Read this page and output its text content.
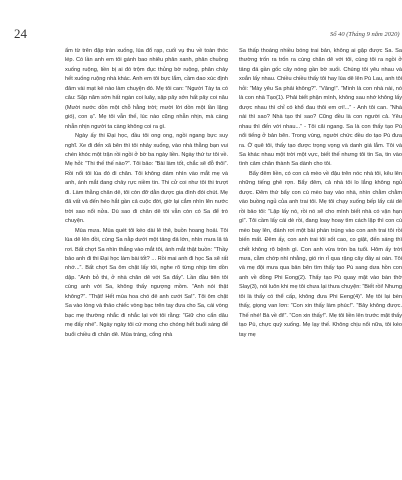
24	Số 40 (Tháng 9 năm 2020)

ẩm từ trên đập tràn xuống, lúa đổ rạp, cuối vụ thu về toàn thóc lép. Có lần anh em tôi gánh bao nhiêu phân xanh, phân chuồng xuống ruộng, liền bị ai đó trộm đục thủng bờ ruộng, phân chảy hết xuống ruộng nhà khác. Anh em tôi bực lắm, cầm dao xúc định đâm vài mạt kẻ nào làm chuyện đó. Mẹ tôi can: “Người Tày ta có câu: Sập năm sớn hất ngàn coi luây, sập pây sớn hất pây coi nâu (Mười nước dồn một chỗ hằng trời; mười lời dồn một lần lặng gió), con ạ”. Mẹ tôi vẫn thế, lúc nào cũng nhẫn nhịn, mà càng nhẫn nhịn người ta càng không coi ra gì.

Ngày ấy thi Đại học, đầu tôi ong ong, ngồi ngang bực suy nghĩ. Xe đi đến xã bên thì tôi nhảy xuống, vào nhà thằng bạn vui chén khóc một trận rồi ngồi ở bờ ba ngày liền. Ngày thứ tư tôi về. Mẹ hỏi: “Thi thế thế nào?”. Tôi bảo: “Bài làm tốt, chắc sẽ đỗ thôi”. Rồi nổi tôi lúa đó đi chăn. Tôi không dám nhìn vào mắt mẹ và anh, ánh mắt đang chảy rực niềm tin. Thi cử coi như tôi thi trượt đi. Làm thằng chăn dê, tôi còn đỡ dằn được gia đình đói chút. Mẹ đã vất vả đến héo hắt gần cả cuộc đời, giờ lại cắm nhìn lên nước trời sao nổi nửa. Dù sao đi chăn dê tôi vẫn còn có Sa để trò chuyện.

Mùa mưa. Mùa quét tôi kéo dài lê thê, buồn hoang hoải. Tôi lùa dê lên đồi, cùng Sa nằp dưới một tảng đá lớn, nhìn mưa lả tả rơi. Bất chợt Sa nhìn thẳng vào mắt tôi, ánh mắt thật buồn: “Thầy bảo anh đi thi Đại học làm bài tốt? ... Rồi mai anh đi học Sa sẽ rất nhớ...”. Bất chợt Sa ôm chặt lấy tôi, nghe rõ từng nhịp tim dồn dập. “Anh bỏ thi, ở nhà chăn dê với Sa đấy”. Lần đầu tiên tôi cùng anh với Sa, không thấy ngượng mồm. “Anh nói thật không?”. “Thật! Hết mùa hoa chó đẻ anh cưới Sa!”. Tôi ôm chặt Sa vào lòng và thảo chiếc vòng bạc trên tay đưa cho Sa, cái vòng bạc mẹ thường nhắc đi nhắc lại với tôi rằng: “Giữ cho cẩn dâu mẹ đấy nhé”. Ngày ngày tôi cứ mong cho chóng hết buổi sáng để buổi chiều đi chăn dê. Mùa tráng, cổng nhà

Sa thấp thoáng nhiều bóng trai bản, không ai gặp được Sa. Sa thường trốn ra trốn ra cùng chăn dê với tôi, cùng tôi ra ngồi ở tảng đá gần gốc cây nóng gần bờ suối. Chúng tôi yêu nhau và xoắn lấy nhau. Chiều chiều thấy tôi hay lùa dê lên Pù Lau, anh tôi hỏi: “Mày yêu Sa phải không?”. “Vâng!”. “Mình là con nhà nài, nó là con nhà Tạo(1). Phải biết phận mình, không sau nhớ không lấy được nhau thì chỉ có khổ đau thôi em ơi!...” - Anh tôi can. “Nhà nài thì sao? Nhà tạo thì sao? Cũng đều là con người cả. Yêu nhau thì đến với nhau...” - Tôi cãi ngang. Sa là con thấy tạo Pù nổi tiếng ở bản bên. Trong vùng, người chức đều do tạo Pù đưa ra. Ở quê tôi, thấy tạo được trọng vọng và danh giá lắm. Tôi và Sa khác nhau một trời một vực, biết thế nhưng tôi tin Sa, tin vào tình cảm chân thành Sa dành cho tôi.

Bẩy đêm liền, có con cả mèo về đậu trên nóc nhà tôi, kêu lên những tiếng ghê rợn. Bẩy đêm, cả nhà tôi lo lắng không ngủ được. Đêm thứ bẩy con cú mèo bay vào nhà, nhìn chằm chằm vào buồng ngủ của anh trai tôi. Mẹ tôi chạy xuống bếp lấy cái dè rồi bảo tôi: “Lập lấy nó, rồi nó sẽ cho mình biết nhà có vận hạn gì”. Tôi cầm lấy cái dè rồi, đang loay hoay tìm cách lặp thì con cú mèo bay lên, đánh rơi một bài phán trúng vào con anh trai tôi rồi biến mất. Đêm ấy, con anh trai tôi sốt cao, co giật, đến sáng thì chết không rõ bệnh gì. Con anh vừa tròn ba tuổi. Hôm ấy trời mưa, cằm chớp nhì nhằng, gió rin rỉ qua rặng cây đầy ai oán. Tôi và mẹ đội mưa qua bản bên tìm thấy tạo Pù sang dưa hồn con anh về đồng Phi Eong(2). Thấy tạo Pù quay mặt vào bàn thờ Slay(3), nói luôn khi mẹ tôi chưa lại thưa chuyện: “Biết rồi! Nhưng tôi là thấy có thể cấp, không đưa Phi Eeng(4)”. Mẹ tôi lại bèn thấy, giọng van lơn: “Con xin thấy làm phúc!”. “Bảy không được. Thế nhé! Bà về đi!”. “Con xin thấy!”. Mẹ tôi liền lên trước mặt thấy tạo Pù, chực quỳ xuống. Mẹ lạy thế. Không chịu nổi nữa, tôi kéo tay mẹ
